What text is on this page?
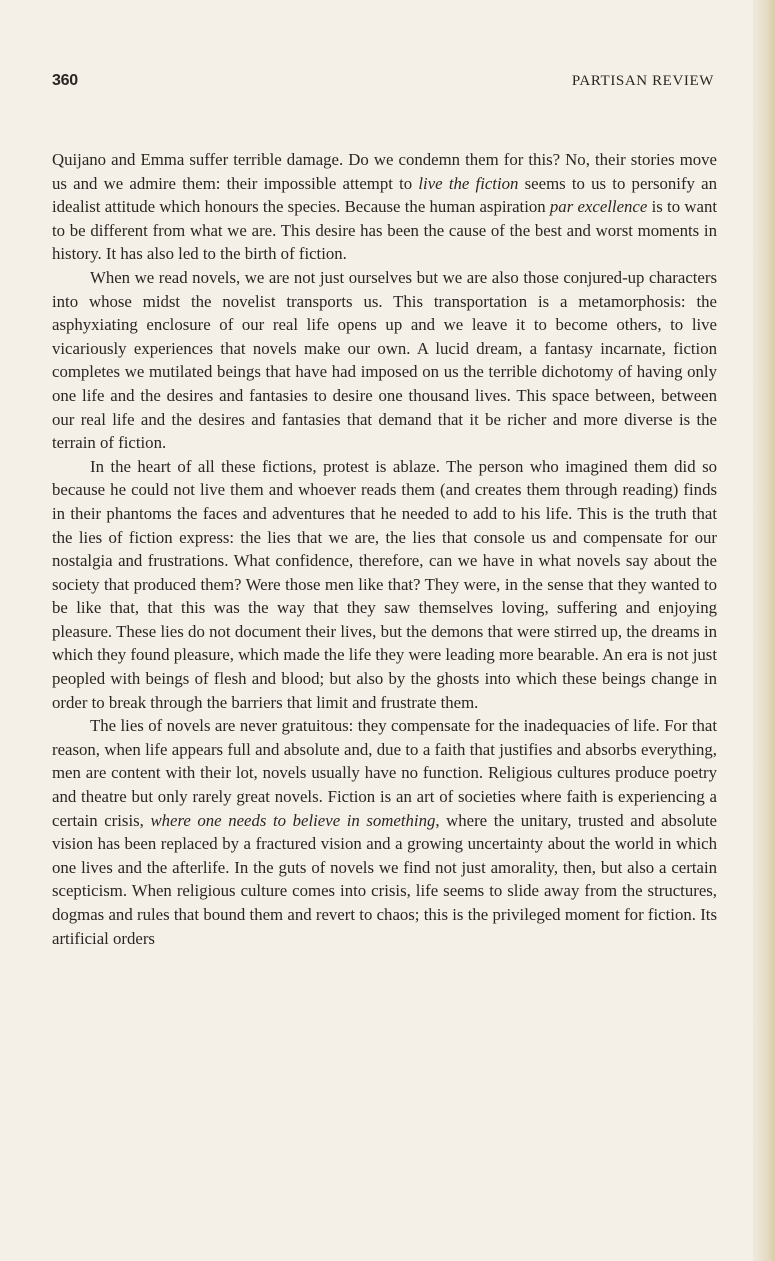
360	PARTISAN REVIEW

Quijano and Emma suffer terrible damage. Do we condemn them for this? No, their stories move us and we admire them: their impossible attempt to live the fiction seems to us to personify an idealist attitude which honours the species. Because the human aspiration par excellence is to want to be different from what we are. This desire has been the cause of the best and worst moments in history. It has also led to the birth of fiction.

When we read novels, we are not just ourselves but we are also those conjured-up characters into whose midst the novelist transports us. This transportation is a metamorphosis: the asphyxiating enclosure of our real life opens up and we leave it to become others, to live vicariously experiences that novels make our own. A lucid dream, a fantasy incarnate, fiction completes we mutilated beings that have had imposed on us the terrible dichotomy of having only one life and the desires and fantasies to desire one thousand lives. This space between, between our real life and the desires and fantasies that demand that it be richer and more diverse is the terrain of fiction.

In the heart of all these fictions, protest is ablaze. The person who imagined them did so because he could not live them and whoever reads them (and creates them through reading) finds in their phantoms the faces and adventures that he needed to add to his life. This is the truth that the lies of fiction express: the lies that we are, the lies that console us and compensate for our nostalgia and frustrations. What confidence, therefore, can we have in what novels say about the society that produced them? Were those men like that? They were, in the sense that they wanted to be like that, that this was the way that they saw themselves loving, suffering and enjoying pleasure. These lies do not document their lives, but the demons that were stirred up, the dreams in which they found pleasure, which made the life they were leading more bearable. An era is not just peopled with beings of flesh and blood; but also by the ghosts into which these beings change in order to break through the barriers that limit and frustrate them.

The lies of novels are never gratuitous: they compensate for the inadequacies of life. For that reason, when life appears full and absolute and, due to a faith that justifies and absorbs everything, men are content with their lot, novels usually have no function. Religious cultures produce poetry and theatre but only rarely great novels. Fiction is an art of societies where faith is experiencing a certain crisis, where one needs to believe in something, where the unitary, trusted and absolute vision has been replaced by a fractured vision and a growing uncertainty about the world in which one lives and the afterlife. In the guts of novels we find not just amorality, then, but also a certain scepticism. When religious culture comes into crisis, life seems to slide away from the structures, dogmas and rules that bound them and revert to chaos; this is the privileged moment for fiction. Its artificial orders
